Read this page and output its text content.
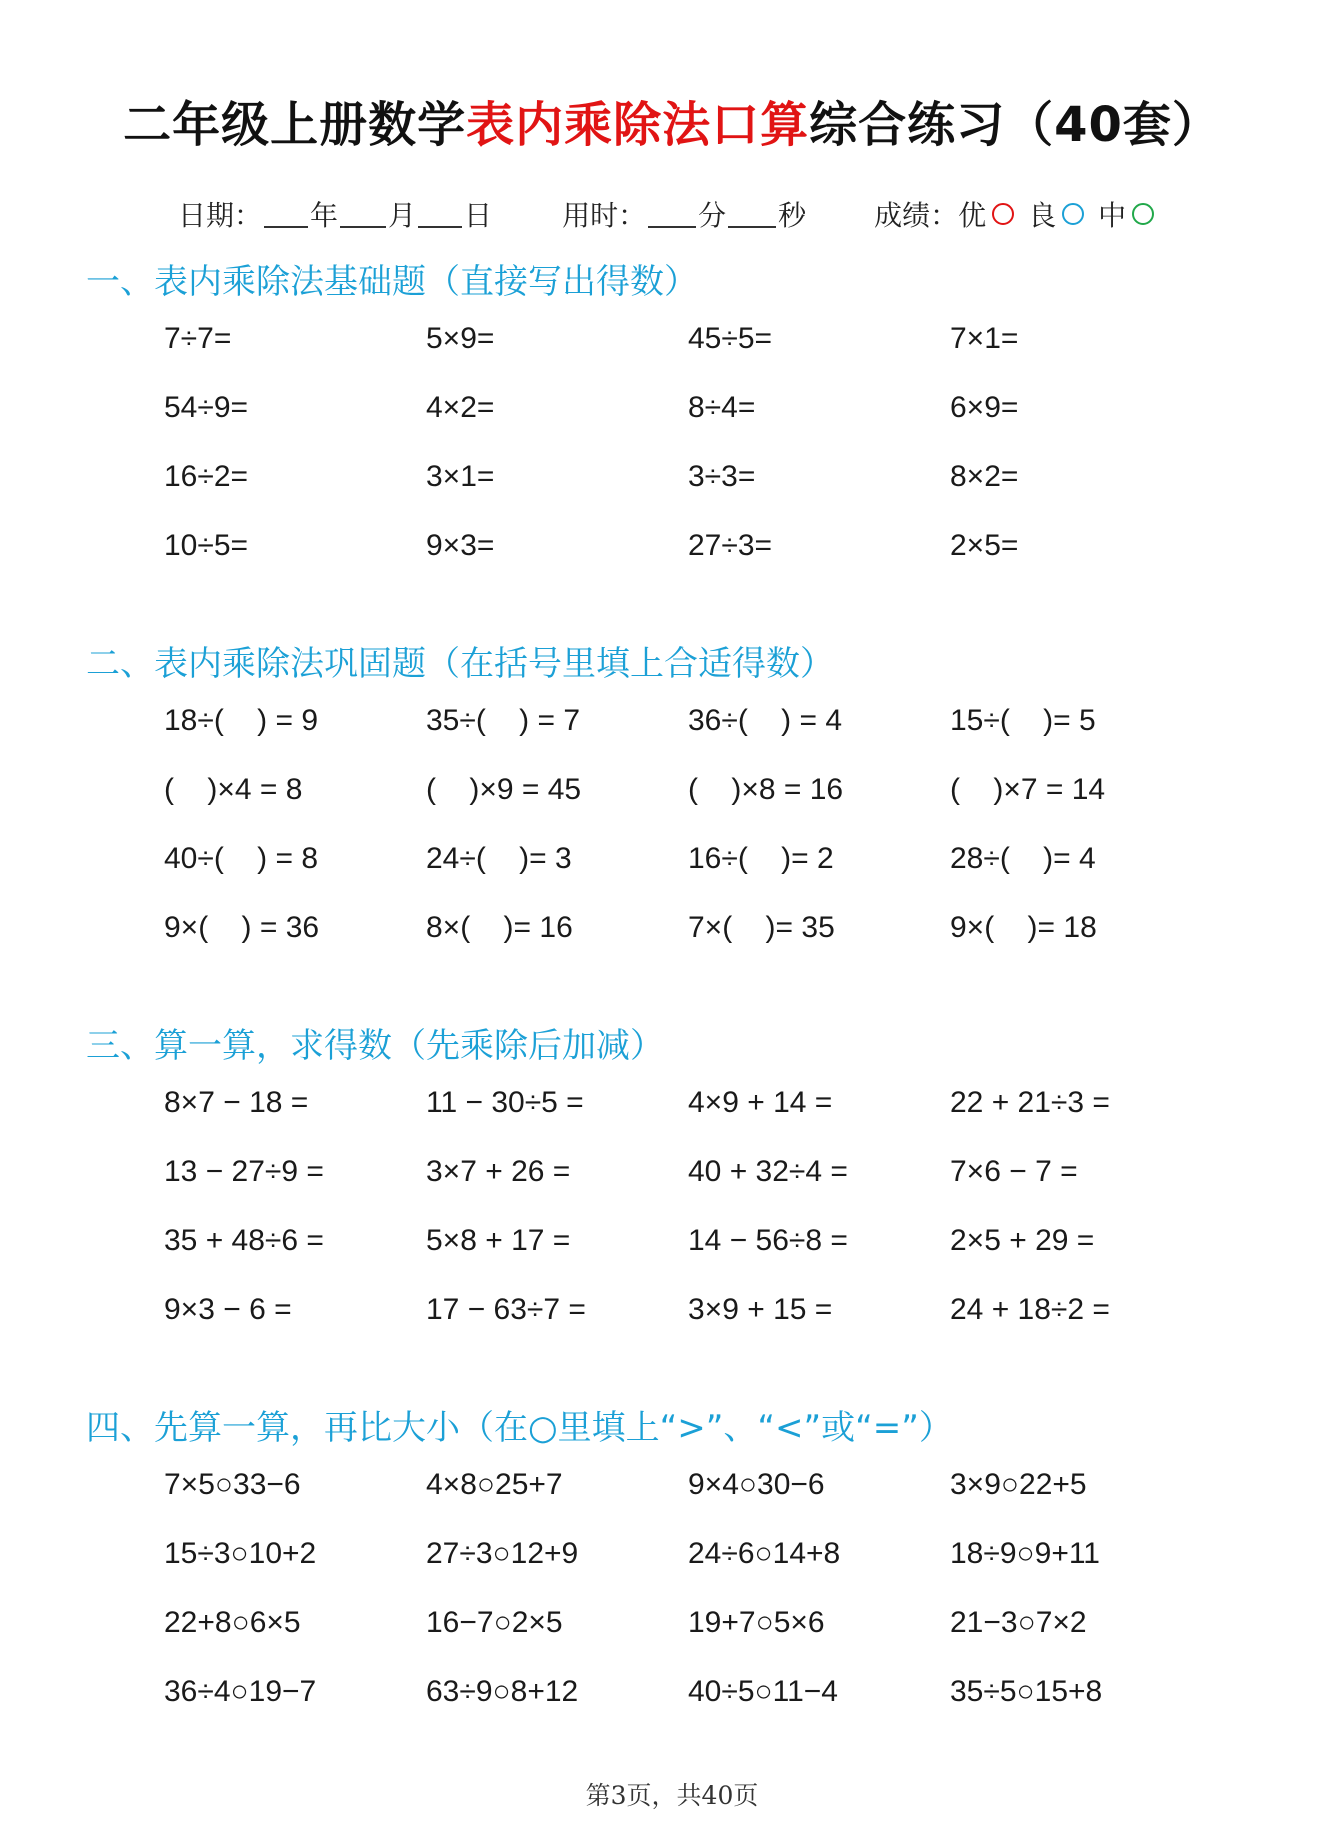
二年级上册数学表内乘除法口算综合练习（40套）
日期： 年 月 日	用时： 分 秒 成绩： 优 良 中
一、表内乘除法基础题（直接写出得数）
7÷7=	5×9=	45÷5=	7×1=
54÷9=	4×2=	8÷4=	6×9=
16÷2=	3×1=	3÷3=	8×2=
10÷5=	9×3=	27÷3=	2×5=
二、表内乘除法巩固题（在括号里填上合适得数）
18÷(    ) = 9	35÷(    ) = 7	36÷(    ) = 4	15÷(    )= 5
(    )×4 = 8	(    )×9 = 45	(    )×8 = 16	(    )×7 = 14
40÷(    ) = 8	24÷(    )= 3	16÷(    )= 2	28÷(    )= 4
9×(    ) = 36	8×(    )= 16	7×(    )= 35	9×(    )= 18
三、算一算，求得数（先乘除后加减）
8×7 − 18 =	11 − 30÷5 =	4×9 + 14 =	22 + 21÷3 =
13 − 27÷9 =	3×7 + 26 =	40 + 32÷4 =	7×6 − 7 =
35 + 48÷6 =	5×8 + 17 =	14 − 56÷8 =	2×5 + 29 =
9×3 − 6 =	17 − 63÷7 =	3×9 + 15 =	24 + 18÷2 =
四、先算一算，再比大小（在○里填上“>”、“<”或“=”）
7×5○33−6	4×8○25+7	9×4○30−6	3×9○22+5
15÷3○10+2	27÷3○12+9	24÷6○14+8	18÷9○9+11
22+8○6×5	16−7○2×5	19+7○5×6	21−3○7×2
36÷4○19−7	63÷9○8+12	40÷5○11−4	35÷5○15+8
第3页，共40页
